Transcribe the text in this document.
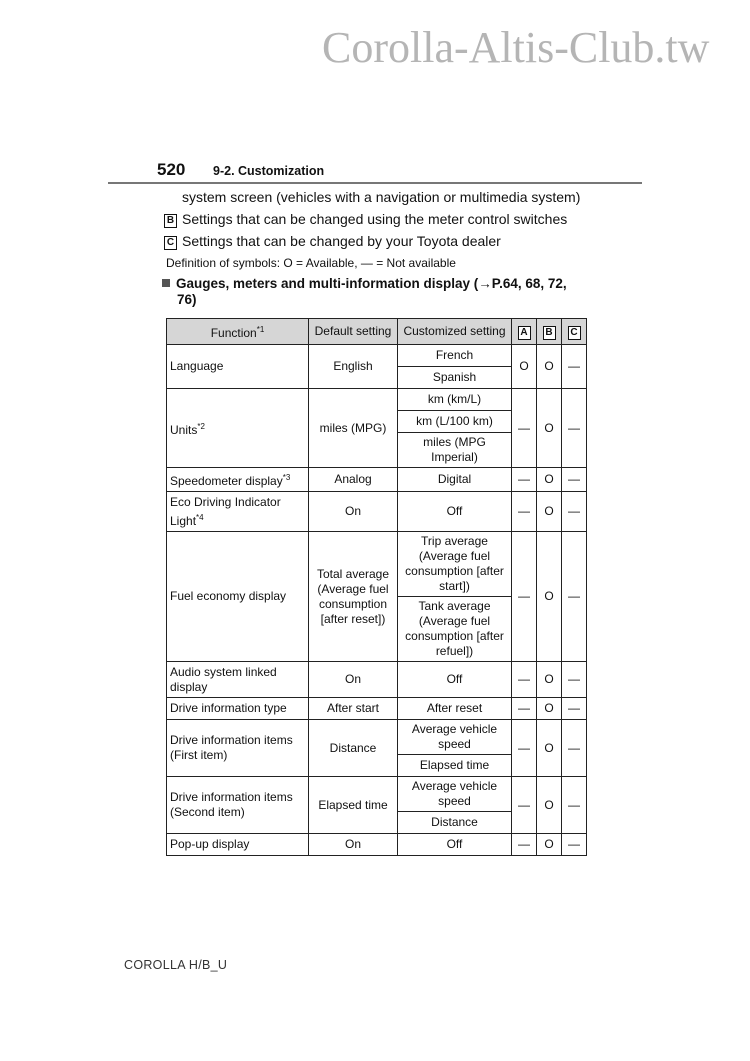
Corolla-Altis-Club.tw
520 9-2. Customization
system screen (vehicles with a navigation or multimedia system)
B Settings that can be changed using the meter control switches
C Settings that can be changed by your Toyota dealer
Definition of symbols: O = Available, — = Not available
Gauges, meters and multi-information display (→P.64, 68, 72,
76)
Function$^{*1}$	Default setting	Customized setting	A	B	C
Language	English	French	O	O	—
		Spanish			
Units$^{*2}$	miles (MPG)	km (km/L)	—	O	—
		km (L/100 km)			
		miles (MPG Imperial)			
Speedometer display$^{*3}$	Analog	Digital	—	O	—
Eco Driving Indicator Light$^{*4}$	On	Off	—	O	—
Fuel economy display	Total average (Average fuel consumption [after reset])	Trip average (Average fuel consumption [after start])	—	O	—
		Tank average (Average fuel consumption [after refuel])			
Audio system linked display	On	Off	—	O	—
Drive information type	After start	After reset	—	O	—
Drive information items (First item)	Distance	Average vehicle speed	—	O	—
		Elapsed time			
Drive information items (Second item)	Elapsed time	Average vehicle speed	—	O	—
		Distance			
Pop-up display	On	Off	—	O	—
COROLLA H/B_U
